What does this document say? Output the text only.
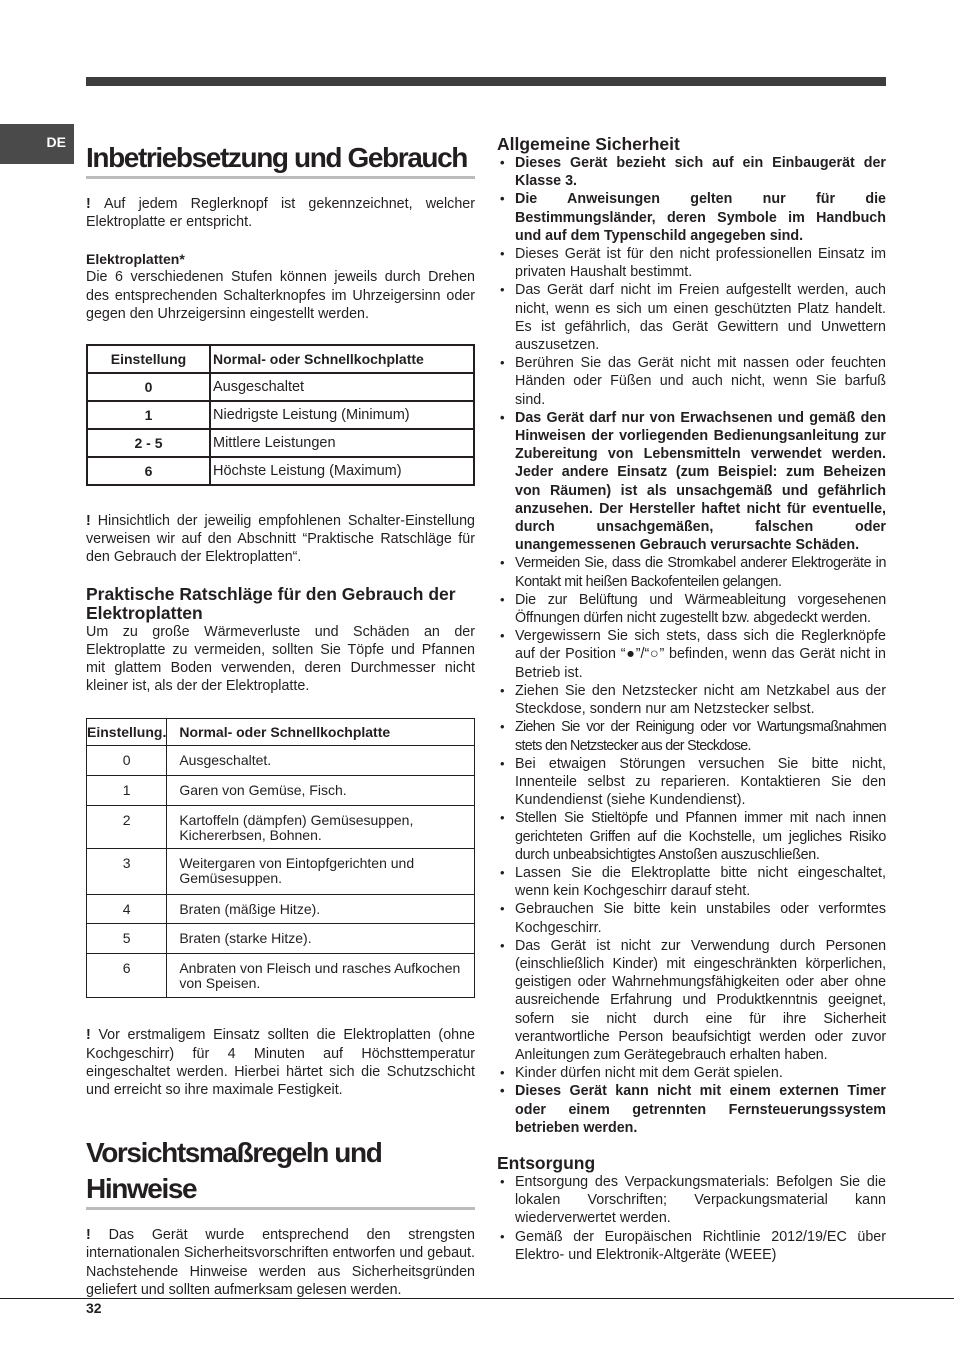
DE Inbetriebsetzung und Gebrauch

! Auf jedem Reglerknopf ist gekennzeichnet, welcher Elektroplatte er entspricht.

Elektroplatten*

Die 6 verschiedenen Stufen können jeweils durch Drehen des entsprechenden Schalterknopfes im Uhrzeigersinn oder gegen den Uhrzeigersinn eingestellt werden.

Einstellung	Normal- oder Schnellkochplatte
0	Ausgeschaltet
1	Niedrigste Leistung (Minimum)
2 - 5	Mittlere Leistungen
6	Höchste Leistung (Maximum)

! Hinsichtlich der jeweilig empfohlenen Schalter-Einstellung verweisen wir auf den Abschnitt “Praktische Ratschläge für den Gebrauch der Elektroplatten“.

Praktische Ratschläge für den Gebrauch der Elektroplatten

Um zu große Wärmeverluste und Schäden an der Elektroplatte zu vermeiden, sollten Sie Töpfe und Pfannen mit glattem Boden verwenden, deren Durchmesser nicht kleiner ist, als der der Elektroplatte.

Einstellung.	Normal- oder Schnellkochplatte

0	Ausgeschaltet.

1	Garen von Gemüse, Fisch.

2	Kartoffeln (dämpfen) Gemüsesuppen, Kichererbsen, Bohnen.

3	Weitergaren von Eintopfgerichten und Gemüsesuppen.

4	Braten (mäßige Hitze).

5	Braten (starke Hitze).

6	Anbraten von Fleisch und rasches Aufkochen von Speisen.

! Vor erstmaligem Einsatz sollten die Elektroplatten (ohne Kochgeschirr) für 4 Minuten auf Höchsttemperatur eingeschaltet werden. Hierbei härtet sich die Schutzschicht und erreicht so ihre maximale Festigkeit.

Vorsichtsmaßregeln und Hinweise

! Das Gerät wurde entsprechend den strengsten internationalen Sicherheitsvorschriften entworfen und gebaut. Nachstehende Hinweise werden aus Sicherheitsgründen geliefert und sollten aufmerksam gelesen werden.

Allgemeine Sicherheit
• Dieses Gerät bezieht sich auf ein Einbaugerät der Klasse 3.
• Die Anweisungen gelten nur für die Bestimmungsländer, deren Symbole im Handbuch und auf dem Typenschild angegeben sind.
• Dieses Gerät ist für den nicht professionellen Einsatz im privaten Haushalt bestimmt.
• Das Gerät darf nicht im Freien aufgestellt werden, auch nicht, wenn es sich um einen geschützten Platz handelt. Es ist gefährlich, das Gerät Gewittern und Unwettern auszusetzen.
• Berühren Sie das Gerät nicht mit nassen oder feuchten Händen oder Füßen und auch nicht, wenn Sie barfuß sind.
• Das Gerät darf nur von Erwachsenen und gemäß den Hinweisen der vorliegenden Bedienungsanleitung zur Zubereitung von Lebensmitteln verwendet werden. Jeder andere Einsatz (zum Beispiel: zum Beheizen von Räumen) ist als unsachgemäß und gefährlich anzusehen. Der Hersteller haftet nicht für eventuelle, durch unsachgemäßen, falschen oder unangemessenen Gebrauch verursachte Schäden.
• Vermeiden Sie, dass die Stromkabel anderer Elektrogeräte in Kontakt mit heißen Backofenteilen gelangen.
• Die zur Belüftung und Wärmeableitung vorgesehenen Öffnungen dürfen nicht zugestellt bzw. abgedeckt werden.
• Vergewissern Sie sich stets, dass sich die Reglerknöpfe auf der Position “●”/“○” befinden, wenn das Gerät nicht in Betrieb ist.
• Ziehen Sie den Netzstecker nicht am Netzkabel aus der Steckdose, sondern nur am Netzstecker selbst.
• Ziehen Sie vor der Reinigung oder vor Wartungsmaßnahmen stets den Netzstecker aus der Steckdose.
• Bei etwaigen Störungen versuchen Sie bitte nicht, Innenteile selbst zu reparieren. Kontaktieren Sie den Kundendienst (siehe Kundendienst).
• Stellen Sie Stieltöpfe und Pfannen immer mit nach innen gerichteten Griffen auf die Kochstelle, um jegliches Risiko durch unbeabsichtigtes Anstoßen auszuschließen.
• Lassen Sie die Elektroplatte bitte nicht eingeschaltet, wenn kein Kochgeschirr darauf steht.
• Gebrauchen Sie bitte kein unstabiles oder verformtes Kochgeschirr.
• Das Gerät ist nicht zur Verwendung durch Personen (einschließlich Kinder) mit eingeschränkten körperlichen, geistigen oder Wahrnehmungsfähigkeiten oder aber ohne ausreichende Erfahrung und Produktkenntnis geeignet, sofern sie nicht durch eine für ihre Sicherheit verantwortliche Person beaufsichtigt werden oder zuvor Anleitungen zum Gerätegebrauch erhalten haben.
• Kinder dürfen nicht mit dem Gerät spielen.
• Dieses Gerät kann nicht mit einem externen Timer oder einem getrennten Fernsteuerungssystem betrieben werden.
Entsorgung
• Entsorgung des Verpackungsmaterials: Befolgen Sie die lokalen Vorschriften; Verpackungsmaterial kann wiederverwertet werden.
• Gemäß der Europäischen Richtlinie 2012/19/EC über Elektro- und Elektronik-Altgeräte (WEEE)
32
